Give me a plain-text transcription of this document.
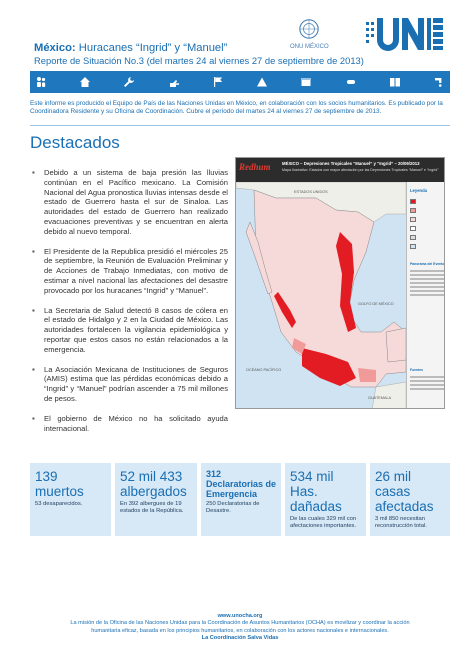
México: Huracanes “Ingrid” y “Manuel”
Reporte de Situación No.3 (del martes 24 al viernes 27 de septiembre de 2013)
ONU MÉXICO
Este informe es producido el Equipo de País de las Naciones Unidas en México, en colaboración con los socios humanitarios. Es publicado por la Coordinadora Residente y su Oficina de Coordinación. Cubre el período del martes 24 al viernes 27 de septiembre de 2013.
Destacados
▪ Debido a un sistema de baja presión las lluvias continúan en el Pacífico mexicano. La Comisión Nacional del Agua pronostica lluvias intensas desde el estado de Guerrero hasta el sur de Sinaloa. Las autoridades del estado de Guerrero han realizado evacuaciones preventivas y se encuentran en alerta debido al nuevo temporal.
▪ El Presidente de la Republica presidió el miércoles 25 de septiembre, la Reunión de Evaluación Preliminar y de Acciones de Trabajo Inmediatas, con motivo de estimar a nivel nacional las afectaciones del desastre provocado por los huracanes “Ingrid” y “Manuel”.
▪ La Secretaria de Salud detectó 8 casos de cólera en el estado de Hidalgo y 2 en la Ciudad de México. Las autoridades fortalecen la vigilancia epidemiológica y reportar que estos casos no están relacionados a la emergencia.
▪ La Asociación Mexicana de Instituciones de Seguros (AMIS) estima que las pérdidas económicas debido a “Ingrid” y “Manuel” podrían ascender a 75 mil millones de pesos.
▪ El gobierno de México no ha solicitado ayuda internacional.
Redhum	MÉXICO – Depresiones Tropicales “Manuel” y “Ingrid” – 20/09/2013
Mapa Ilustrativo: Estados con mayor afectación por las Depresiones Tropicales “Manuel” e “Ingrid”
ESTADOS UNIDOS
GOLFO DE MÉXICO
OCÉANO PACÍFICO
GUATEMALA
Leyenda
Panorama del Evento
Fuentes
139 muertos
53 desaparecidos.
52 mil 433 albergados
En 392 albergues de 19 estados de la República.
312
Declaratorias de Emergencia
250 Declaratorias de Desastre.
534 mil Has. dañadas
De las cuales 329 mil con afectaciones importantes.
26 mil casas afectadas
3 mil 850 necesitan reconstrucción total.
www.unocha.org
La misión de la Oficina de las Naciones Unidas para la Coordinación de Asuntos Humanitarios (OCHA) es movilizar y coordinar la acción
humanitaria eficaz, basada en los principios humanitarios, en colaboración con los actores nacionales e internacionales.
La Coordinación Salva Vidas
